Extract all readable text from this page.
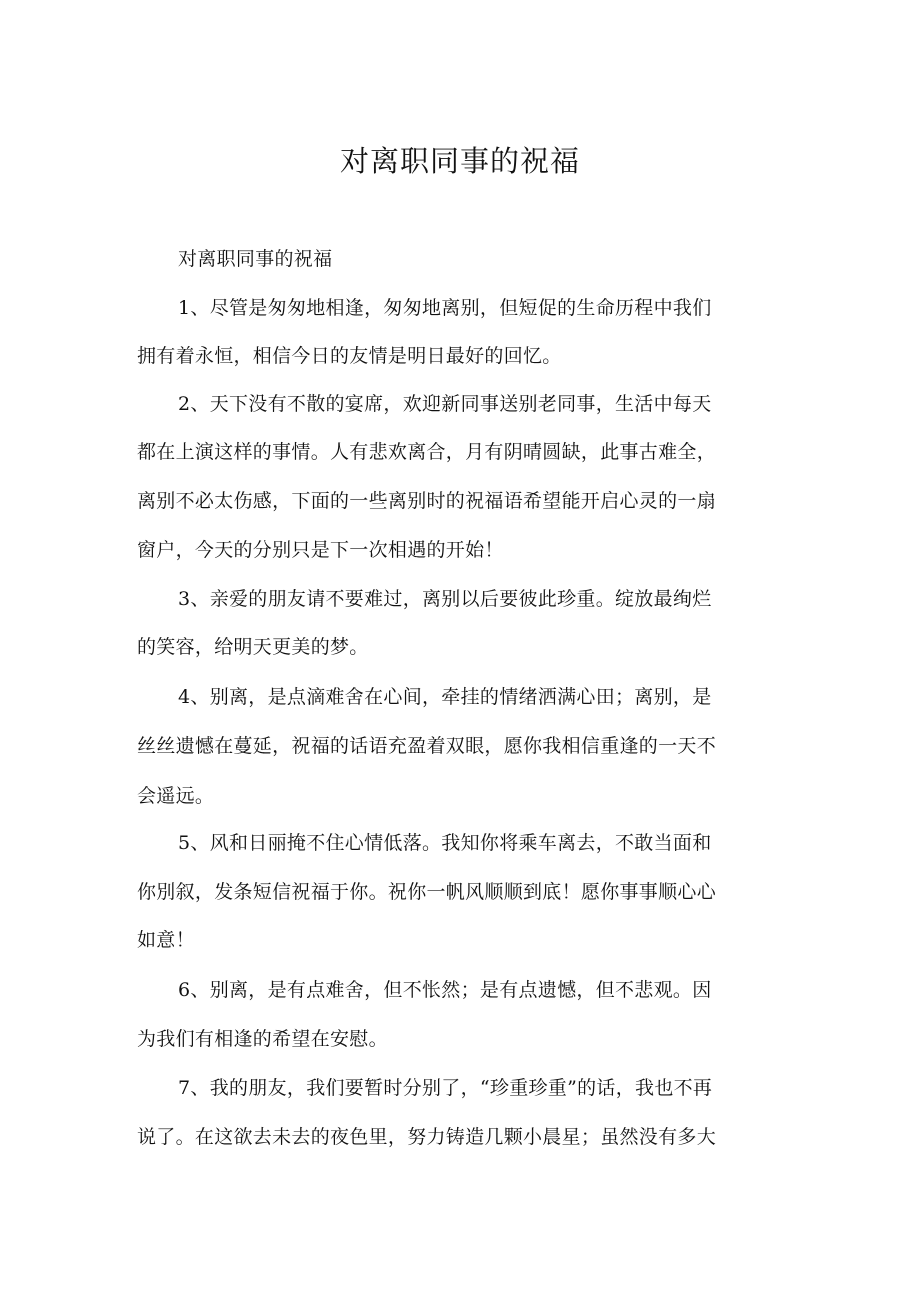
对离职同事的祝福
对离职同事的祝福
1、尽管是匆匆地相逢，匆匆地离别，但短促的生命历程中我们
拥有着永恒，相信今日的友情是明日最好的回忆。
2、天下没有不散的宴席，欢迎新同事送别老同事，生活中每天
都在上演这样的事情。人有悲欢离合，月有阴晴圆缺，此事古难全，
离别不必太伤感，下面的一些离别时的祝福语希望能开启心灵的一扇
窗户，今天的分别只是下一次相遇的开始！
3、亲爱的朋友请不要难过，离别以后要彼此珍重。绽放最绚烂
的笑容，给明天更美的梦。
4、别离，是点滴难舍在心间，牵挂的情绪洒满心田；离别，是
丝丝遗憾在蔓延，祝福的话语充盈着双眼，愿你我相信重逢的一天不
会遥远。
5、风和日丽掩不住心情低落。我知你将乘车离去，不敢当面和
你別叙，发条短信祝福于你。祝你一帆风顺顺到底！愿你事事顺心心
如意！
6、别离，是有点难舍，但不怅然；是有点遗憾，但不悲观。因
为我们有相逢的希望在安慰。
7、我的朋友，我们要暂时分别了，“珍重珍重”的话，我也不再
说了。在这欲去未去的夜色里，努力铸造几颗小晨星；虽然没有多大
